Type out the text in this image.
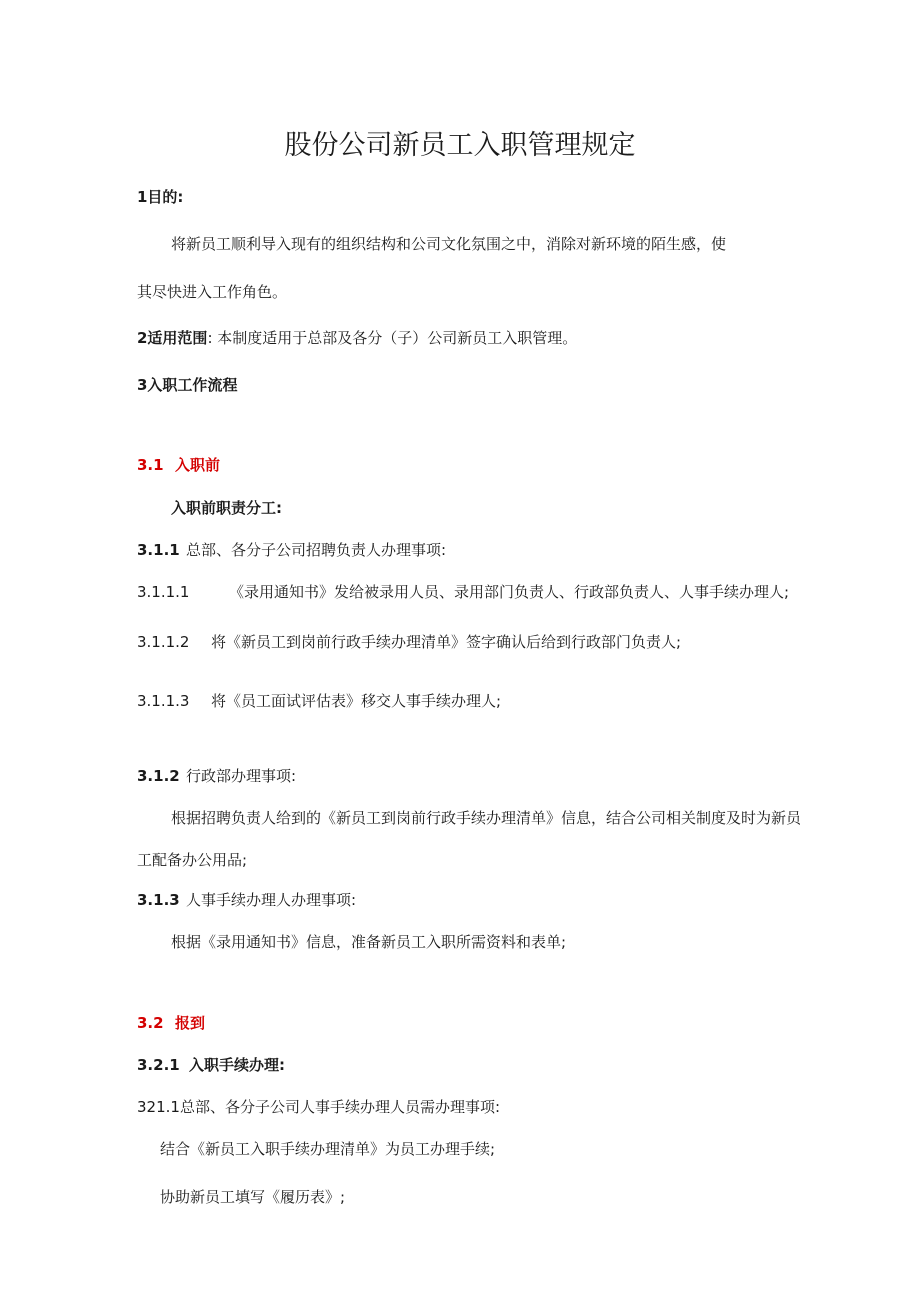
股份公司新员工入职管理规定
1目的:
将新员工顺利导入现有的组织结构和公司文化氛围之中，消除对新环境的陌生感，使
其尽快进入工作角色。
2适用范围: 本制度适用于总部及各分（子）公司新员工入职管理。
3入职工作流程
3.1 入职前
入职前职责分工:
3.1.1 总部、各分子公司招聘负责人办理事项:
3.1.1.1	《录用通知书》发给被录用人员、录用部门负责人、行政部负责人、人事手续办理人;
3.1.1.2 将《新员工到岗前行政手续办理清单》签字确认后给到行政部门负责人;
3.1.1.3 将《员工面试评估表》移交人事手续办理人;
3.1.2 行政部办理事项:
根据招聘负责人给到的《新员工到岗前行政手续办理清单》信息，结合公司相关制度及时为新员
工配备办公用品;
3.1.3 人事手续办理人办理事项:
根据《录用通知书》信息，准备新员工入职所需资料和表单;
3.2 报到
3.2.1 入职手续办理:
321.1总部、各分子公司人事手续办理人员需办理事项:
结合《新员工入职手续办理清单》为员工办理手续;
协助新员工填写《履历表》;
